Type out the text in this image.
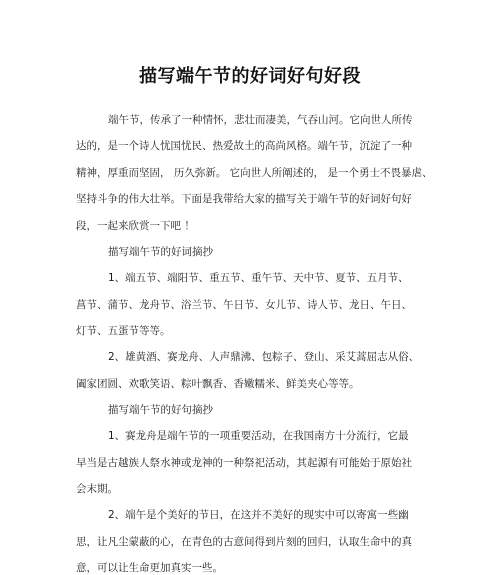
描写端午节的好词好句好段

端午节，传承了一种情怀，悲壮而凄美，气吞山河。它向世人所传

达的，是一个诗人忧国忧民、热爱故土的高尚风格。端午节，沉淀了一种

精神，厚重而坚固， 历久弥新。 它向世人所阐述的， 是一个勇士不畏暴虐、

坚持斗争的伟大壮举。下面是我带给大家的描写关于端午节的好词好句好

段，一起来欣赏一下吧 ！

描写端午节的好词摘抄

1、端五节、端阳节、重五节、重午节、天中节、夏节、五月节、

菖节、蒲节、龙舟节、浴兰节、午日节、女儿节、诗人节、龙日、午日、

灯节、五蛋节等等。

2、雄黄酒、赛龙舟、人声鼎沸、包粽子、登山、采艾蒿屈志从俗、

阖家团圆、欢歌笑语、粽叶飘香、香嫩糯米、鲜美夹心等等。

描写端午节的好句摘抄

1、赛龙舟是端午节的一项重要活动，在我国南方十分流行，它最

早当是古越族人祭水神或龙神的一种祭祀活动，其起源有可能始于原始社

会末期。

2、端午是个美好的节日，在这并不美好的现实中可以寄寓一些幽

思，让凡尘蒙蔽的心，在青色的古意间得到片刻的回归，认取生命中的真

意，可以让生命更加真实一些。
